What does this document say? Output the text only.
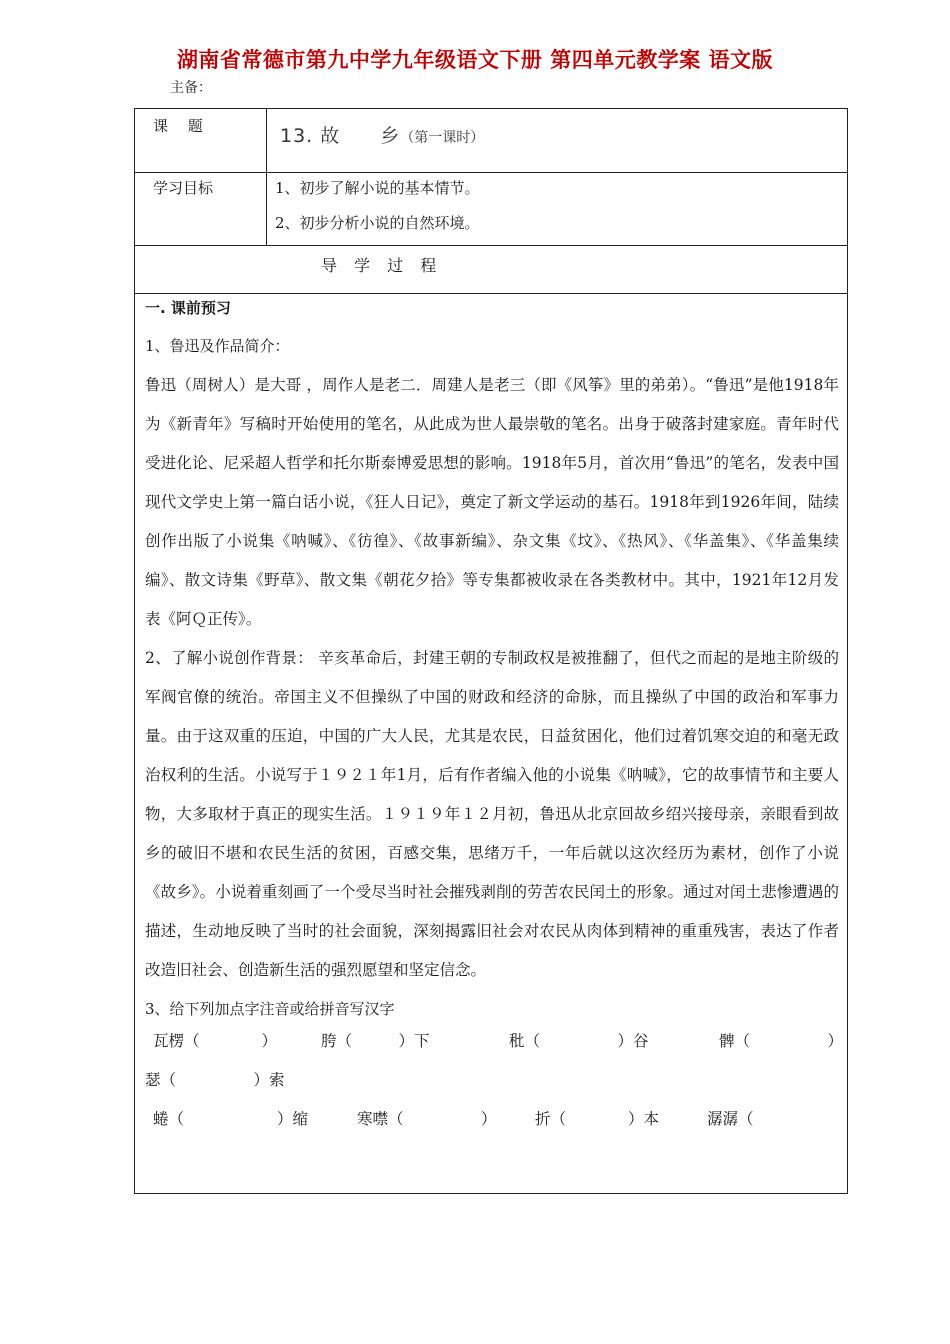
湖南省常德市第九中学九年级语文下册 第四单元教学案 语文版
主备：
课　 题	13. 故　　乡（第一课时）
学习目标	1、初步了解小说的基本情节。
2、初步分析小说的自然环境。
导 学 过 程
一. 课前预习
1、鲁迅及作品简介：

鲁迅（周树人）是大哥 ，周作人是老二．周建人是老三（即《风筝》里的弟弟）。“鲁迅”是他1918年为《新青年》写稿时开始使用的笔名，从此成为世人最崇敬的笔名。出身于破落封建家庭。青年时代受进化论、尼采超人哲学和托尔斯泰博爱思想的影响。1918年5月，首次用“鲁迅”的笔名，发表中国现代文学史上第一篇白话小说，《狂人日记》，奠定了新文学运动的基石。1918年到1926年间，陆续创作出版了小说集《呐喊》、《彷徨》、《故事新编》、杂文集《坟》、《热风》、《华盖集》、《华盖集续编》、散文诗集《野草》、散文集《朝花夕拾》等专集都被收录在各类教材中。其中，1921年12月发表《阿Ｑ正传》。

2、了解小说创作背景： 辛亥革命后，封建王朝的专制政权是被推翻了，但代之而起的是地主阶级的军阀官僚的统治。帝国主义不但操纵了中国的财政和经济的命脉，而且操纵了中国的政治和军事力量。由于这双重的压迫，中国的广大人民，尤其是农民，日益贫困化，他们过着饥寒交迫的和毫无政治权利的生活。小说写于１９２１年1月，后有作者编入他的小说集《呐喊》，它的故事情节和主要人物，大多取材于真正的现实生活。１９１９年１２月初，鲁迅从北京回故乡绍兴接母亲，亲眼看到故乡的破旧不堪和农民生活的贫困，百感交集，思绪万千，一年后就以这次经历为素材，创作了小说《故乡》。小说着重刻画了一个受尽当时社会摧残剥削的劳苦农民闰土的形象。通过对闰土悲惨遭遇的描述，生动地反映了当时的社会面貌，深刻揭露旧社会对农民从肉体到精神的重重残害，表达了作者改造旧社会、创造新生活的强烈愿望和坚定信念。

3、给下列加点字注音或给拼音写汉字
瓦楞（　　　　）	胯（　　　）下	秕（　　　　　）谷	髀（　　　　　）
瑟（　　　　　）索
蜷（　　　　　　）缩	寒噤（　　　　　） 折（　　　　）本	潺潺（
